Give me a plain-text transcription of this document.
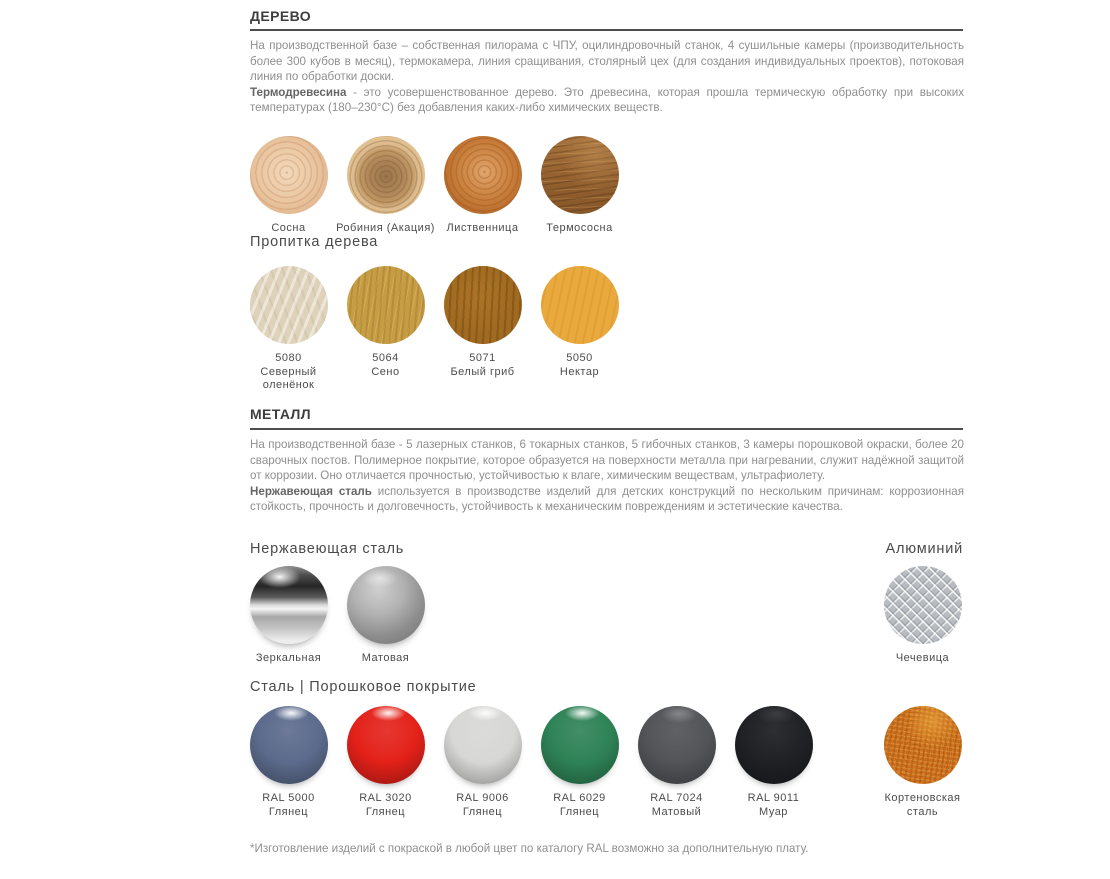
ДЕРЕВО

На производственной базе – собственная пилорама с ЧПУ, оцилиндровочный станок, 4 сушильные камеры (производительность более 300 кубов в месяц), термокамера, линия сращивания, столярный цех (для создания индивидуальных проектов), потоковая линия по обработки доски.

Термодревесина - это усовершенствованное дерево. Это древесина, которая прошла термическую обработку при высоких температурах (180–230°C) без добавления каких-либо химических веществ.

Сосна	Робиния (Акация) Лиственница	Термососна
Пропитка дерева
5080
Северный оленёнок
5064
Сено
5071
Белый гриб
5050
Нектар
МЕТАЛЛ

На производственной базе - 5 лазерных станков, 6 токарных станков, 5 гибочных станков, 3 камеры порошковой окраски, более 20 сварочных постов. Полимерное покрытие, которое образуется на поверхности металла при нагревании, служит надёжной защитой от коррозии. Оно отличается прочностью, устойчивостью к влаге, химическим веществам, ультрафиолету.

Нержавеющая сталь используется в производстве изделий для детских конструкций по нескольким причинам: коррозионная стойкость, прочность и долговечность, устойчивость к механическим повреждениям и эстетические качества.

Нержавеющая сталь	Алюминий
Зеркальная	Матовая	Чечевица
Сталь | Порошковое покрытие
RAL 5000
Глянец
RAL 3020
Глянец
RAL 9006
Глянец
RAL 6029
Глянец
RAL 7024
Матовый
RAL 9011
Муар
Кортеновская сталь
*Изготовление изделий с покраской в любой цвет по каталогу RAL возможно за дополнительную плату.
